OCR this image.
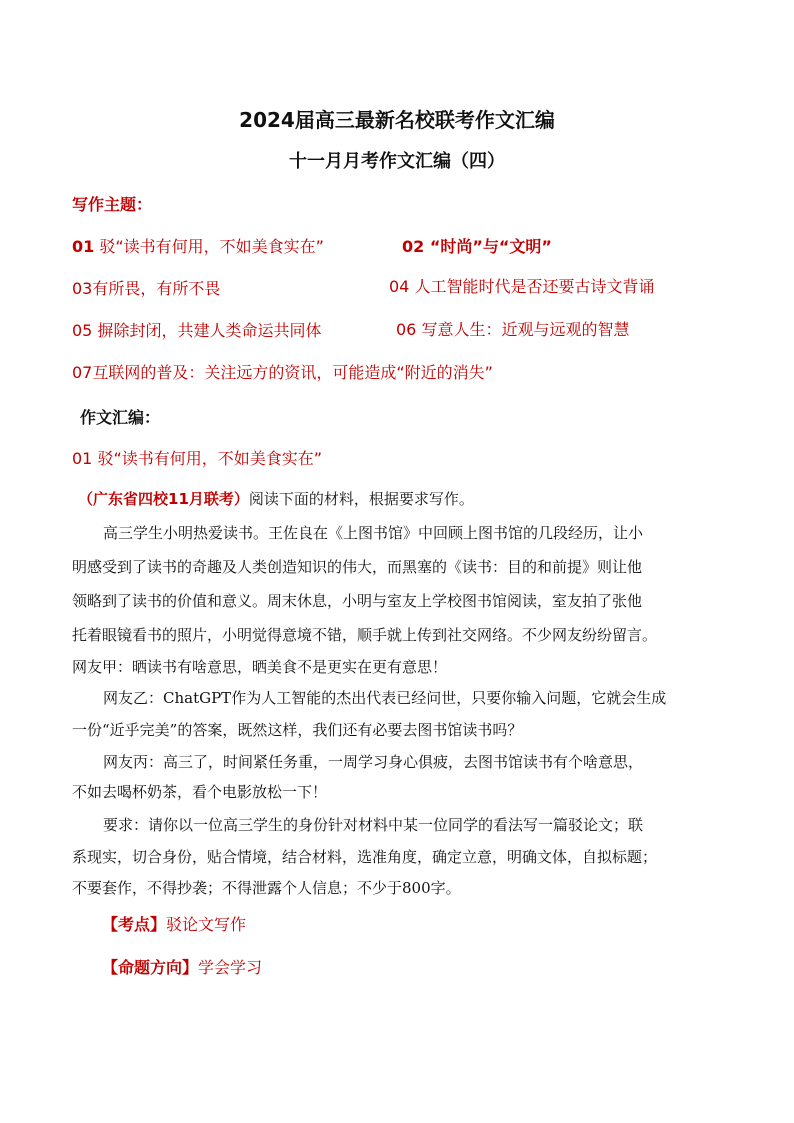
2024届高三最新名校联考作文汇编
十一月月考作文汇编（四）
写作主题：
01 驳“读书有何用，不如美食实在”	02 “时尚”与“文明”
03有所畏，有所不畏	04 人工智能时代是否还要古诗文背诵
05 摒除封闭，共建人类命运共同体	06 写意人生：近观与远观的智慧
07互联网的普及：关注远方的资讯，可能造成“附近的消失”
作文汇编：
01 驳“读书有何用，不如美食实在”
（广东省四校11月联考）阅读下面的材料，根据要求写作。
高三学生小明热爱读书。王佐良在《上图书馆》中回顾上图书馆的几段经历，让小
明感受到了读书的奇趣及人类创造知识的伟大，而黑塞的《读书：目的和前提》则让他
领略到了读书的价值和意义。周末休息，小明与室友上学校图书馆阅读，室友拍了张他
托着眼镜看书的照片，小明觉得意境不错，顺手就上传到社交网络。不少网友纷纷留言。
网友甲：晒读书有啥意思，晒美食不是更实在更有意思！
网友乙：ChatGPT作为人工智能的杰出代表已经问世，只要你输入问题，它就会生成
一份“近乎完美”的答案，既然这样，我们还有必要去图书馆读书吗？
网友丙：高三了，时间紧任务重，一周学习身心俱疲，去图书馆读书有个啥意思，
不如去喝杯奶茶，看个电影放松一下！
要求：请你以一位高三学生的身份针对材料中某一位同学的看法写一篇驳论文；联
系现实，切合身份，贴合情境，结合材料，选准角度，确定立意，明确文体，自拟标题；
不要套作，不得抄袭；不得泄露个人信息；不少于800字。
【考点】驳论文写作
【命题方向】学会学习
